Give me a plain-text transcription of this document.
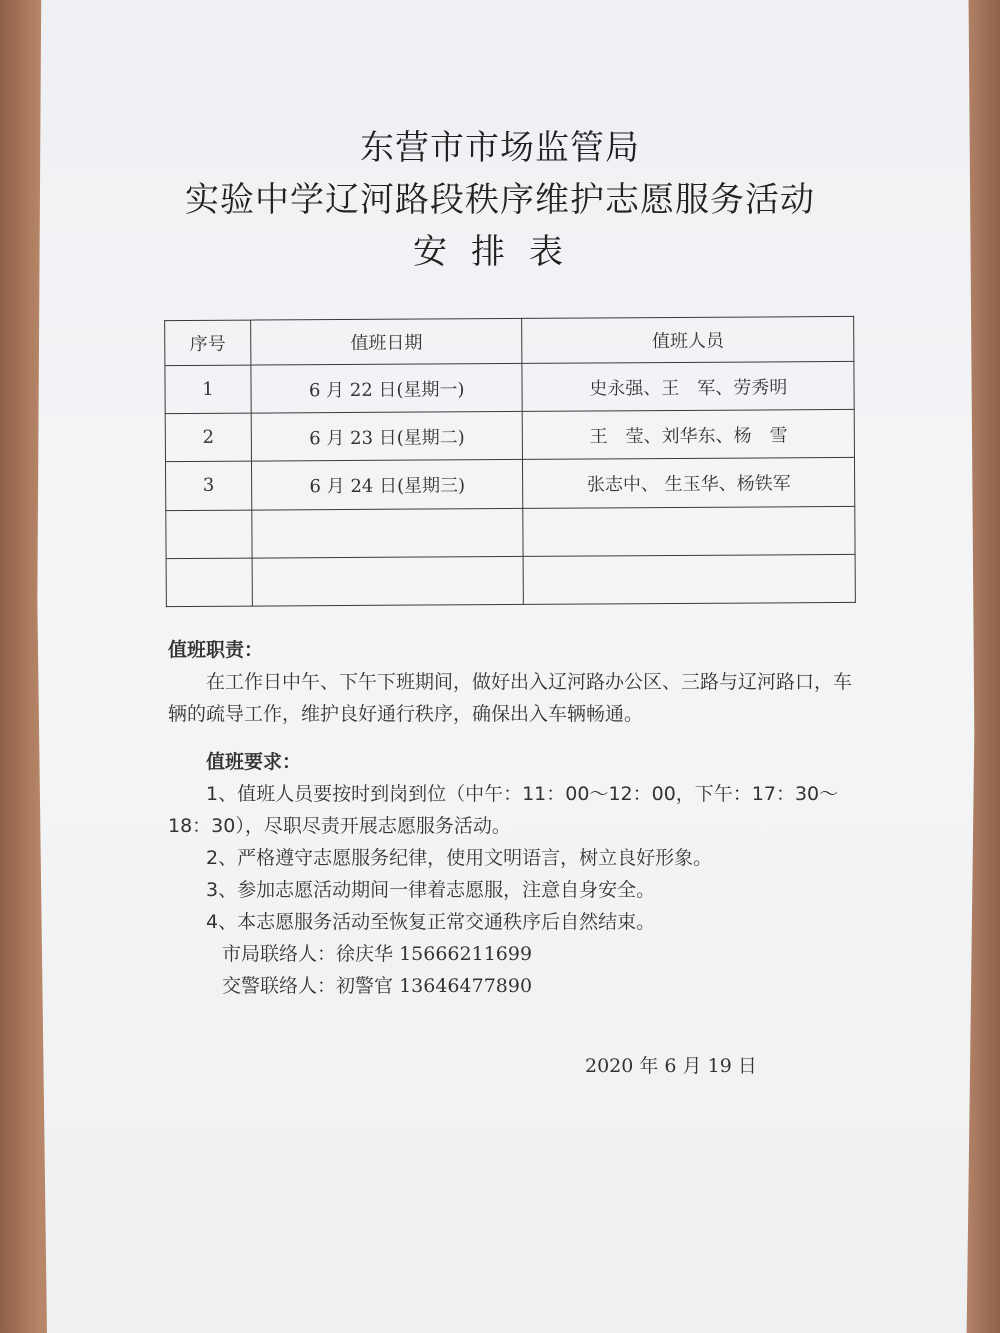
东营市市场监管局
实验中学辽河路段秩序维护志愿服务活动
安排表
序号	值班日期	值班人员
1	6 月 22 日(星期一)	史永强、王　军、劳秀明
2	6 月 23 日(星期二)	王　莹、刘华东、杨　雪
3	6 月 24 日(星期三)	张志中、 生玉华、杨铁军

值班职责：

在工作日中午、下午下班期间，做好出入辽河路办公区、三路与辽河路口，车辆的疏导工作，维护良好通行秩序，确保出入车辆畅通。

值班要求：

1、值班人员要按时到岗到位（中午：11：00～12：00，下午：17：30～18：30），尽职尽责开展志愿服务活动。

2、严格遵守志愿服务纪律，使用文明语言，树立良好形象。

3、参加志愿活动期间一律着志愿服，注意自身安全。

4、本志愿服务活动至恢复正常交通秩序后自然结束。

市局联络人：徐庆华 15666211699
交警联络人：初警官 13646477890
2020 年 6 月 19 日
